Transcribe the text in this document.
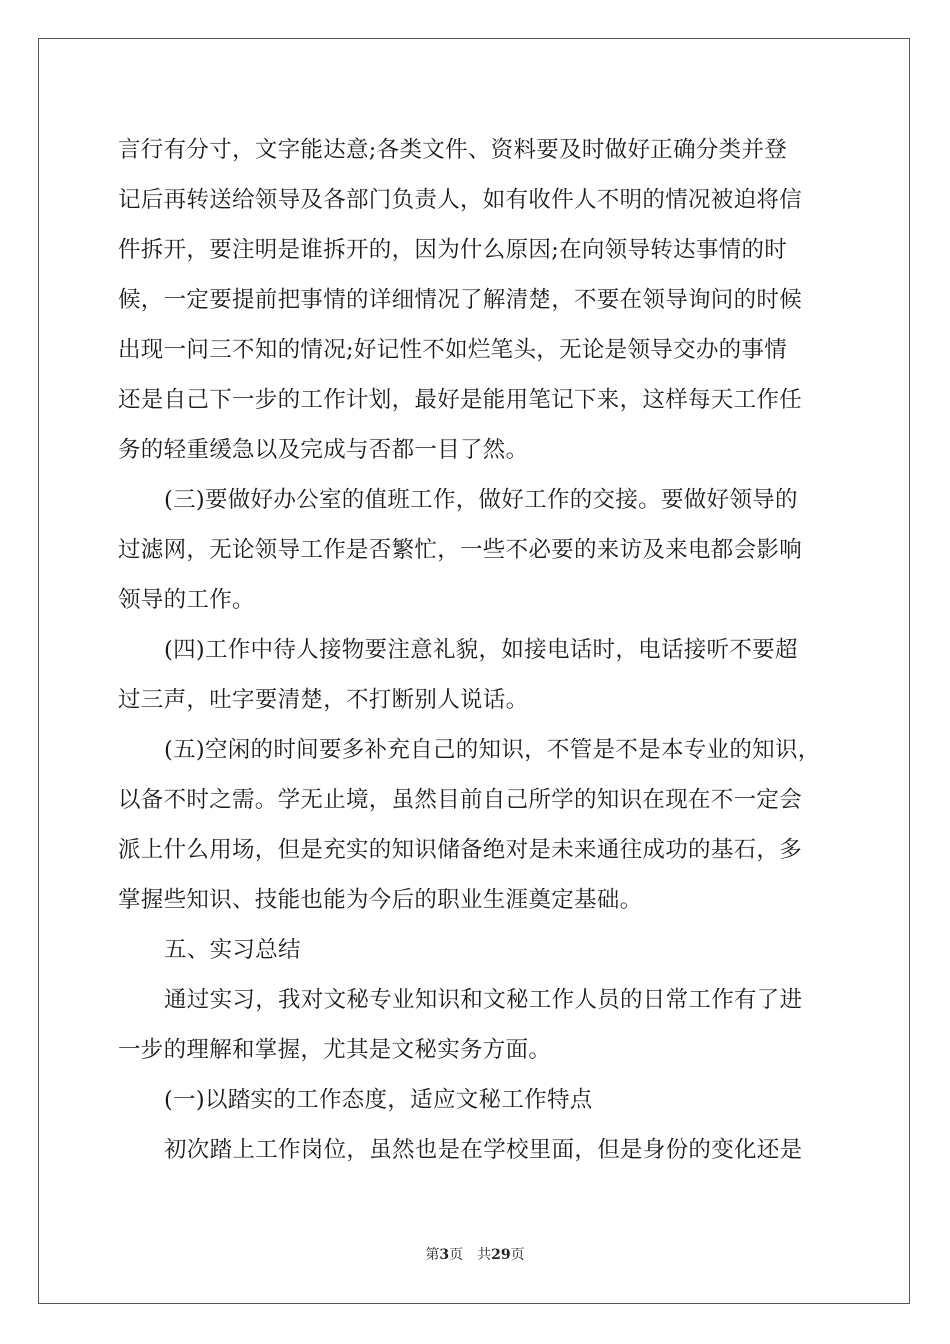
言行有分寸，文字能达意;各类文件、资料要及时做好正确分类并登
记后再转送给领导及各部门负责人，如有收件人不明的情况被迫将信
件拆开，要注明是谁拆开的，因为什么原因;在向领导转达事情的时
候，一定要提前把事情的详细情况了解清楚，不要在领导询问的时候
出现一问三不知的情况;好记性不如烂笔头，无论是领导交办的事情
还是自己下一步的工作计划，最好是能用笔记下来，这样每天工作任
务的轻重缓急以及完成与否都一目了然。
(三)要做好办公室的值班工作，做好工作的交接。要做好领导的
过滤网，无论领导工作是否繁忙，一些不必要的来访及来电都会影响
领导的工作。
(四)工作中待人接物要注意礼貌，如接电话时，电话接听不要超
过三声，吐字要清楚，不打断别人说话。
(五)空闲的时间要多补充自己的知识，不管是不是本专业的知识，
以备不时之需。学无止境，虽然目前自己所学的知识在现在不一定会
派上什么用场，但是充实的知识储备绝对是未来通往成功的基石，多
掌握些知识、技能也能为今后的职业生涯奠定基础。
五、实习总结
通过实习，我对文秘专业知识和文秘工作人员的日常工作有了进
一步的理解和掌握，尤其是文秘实务方面。
(一)以踏实的工作态度，适应文秘工作特点
初次踏上工作岗位，虽然也是在学校里面，但是身份的变化还是
第3页 共29页
